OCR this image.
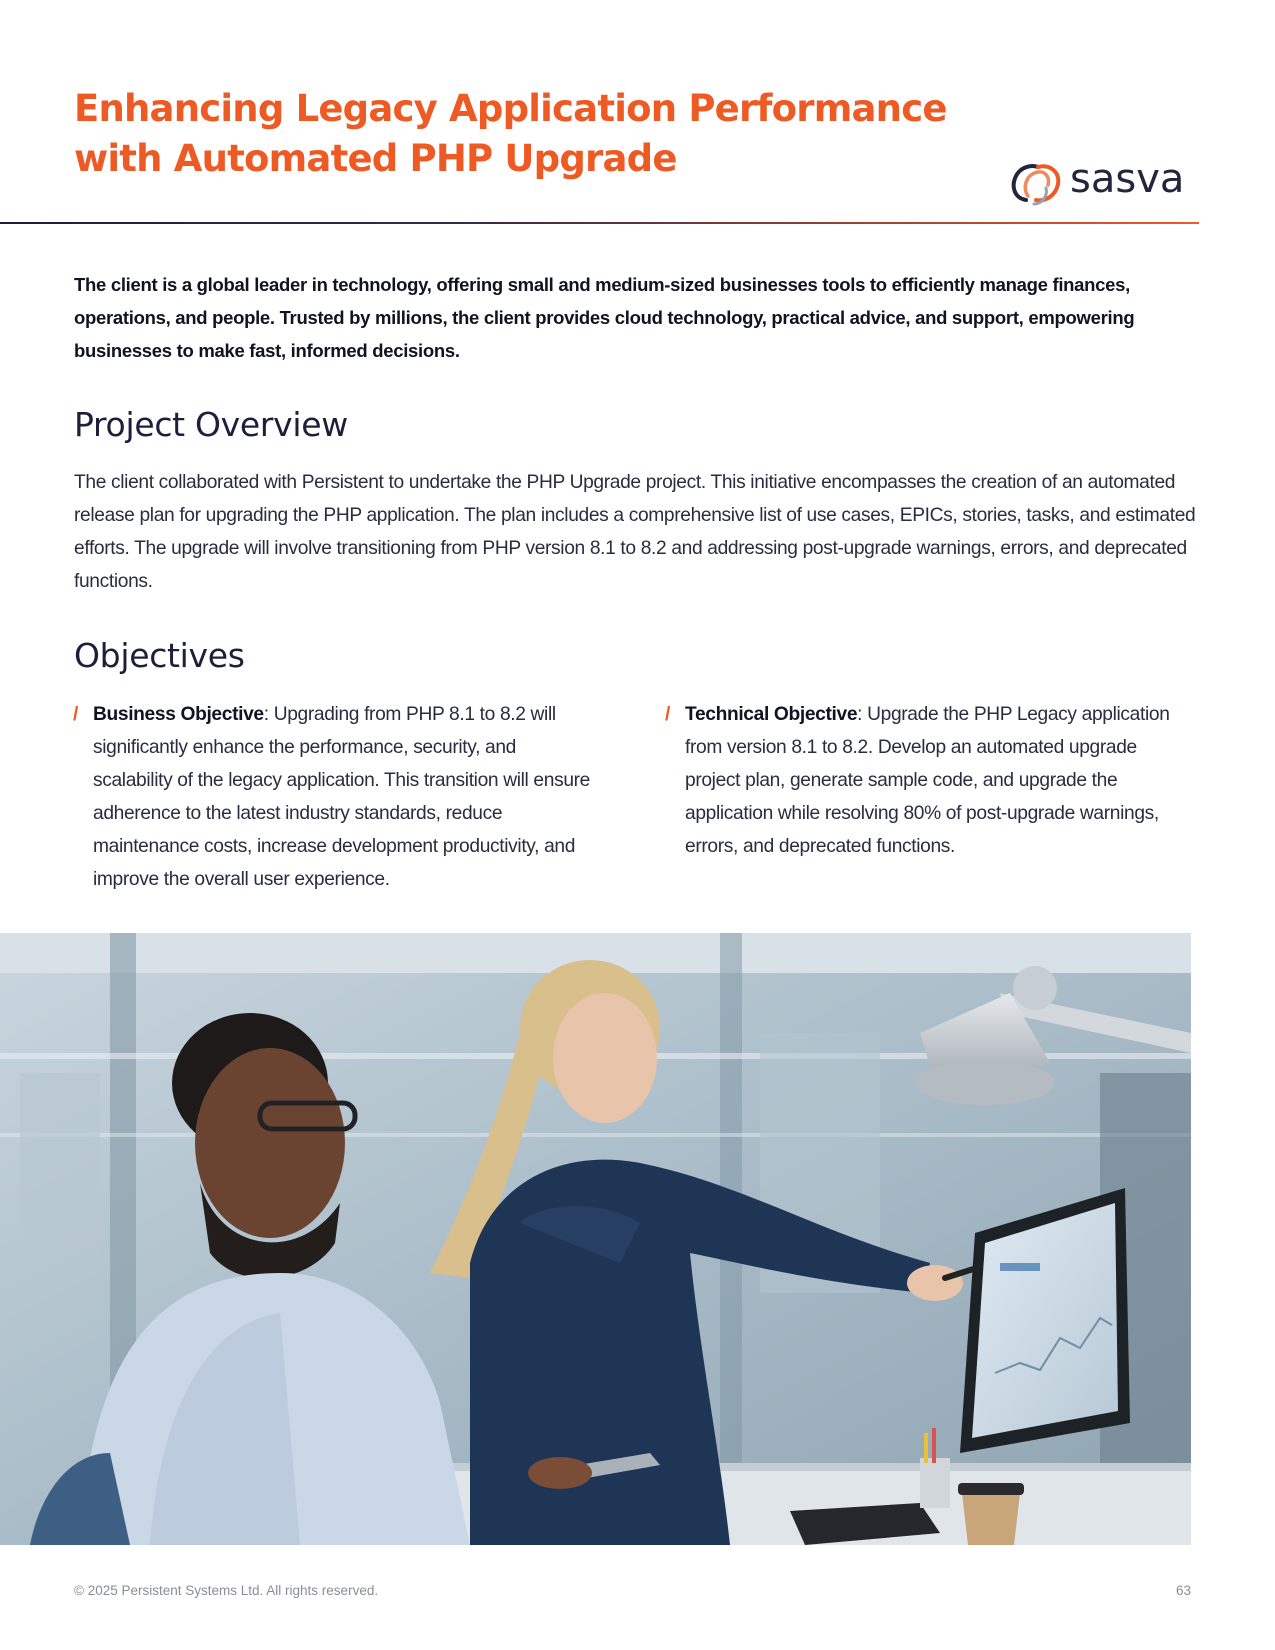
Enhancing Legacy Application Performance with Automated PHP Upgrade	sasva

The client is a global leader in technology, offering small and medium-sized businesses tools to efficiently manage finances, operations, and people. Trusted by millions, the client provides cloud technology, practical advice, and support, empowering businesses to make fast, informed decisions.

Project Overview

The client collaborated with Persistent to undertake the PHP Upgrade project. This initiative encompasses the creation of an automated release plan for upgrading the PHP application. The plan includes a comprehensive list of use cases, EPICs, stories, tasks, and estimated efforts. The upgrade will involve transitioning from PHP version 8.1 to 8.2 and addressing post-upgrade warnings, errors, and deprecated functions.

Objectives

/ Business Objective: Upgrading from PHP 8.1 to 8.2 will significantly enhance the performance, security, and scalability of the legacy application. This transition will ensure adherence to the latest industry standards, reduce maintenance costs, increase development productivity, and improve the overall user experience.

/ Technical Objective: Upgrade the PHP Legacy application from version 8.1 to 8.2. Develop an automated upgrade project plan, generate sample code, and upgrade the application while resolving 80% of post-upgrade warnings, errors, and deprecated functions.

© 2025 Persistent Systems Ltd. All rights reserved.	63
